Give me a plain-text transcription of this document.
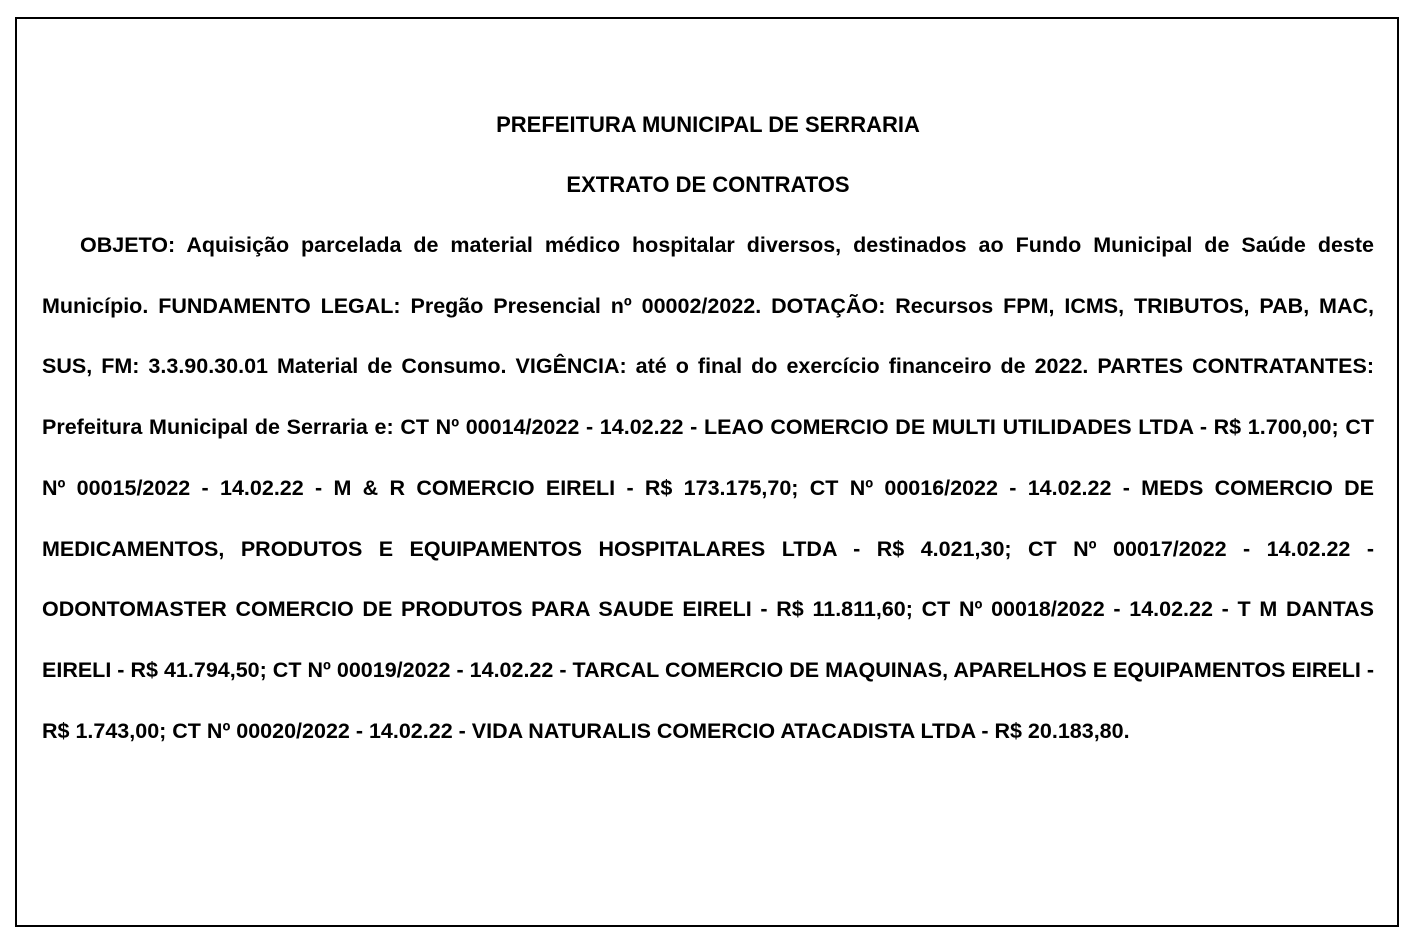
PREFEITURA MUNICIPAL DE SERRARIA

EXTRATO DE CONTRATOS

OBJETO: Aquisição parcelada de material médico hospitalar diversos, destinados ao Fundo Municipal de Saúde deste Município. FUNDAMENTO LEGAL: Pregão Presencial nº 00002/2022. DOTAÇÃO: Recursos FPM, ICMS, TRIBUTOS, PAB, MAC, SUS, FM: 3.3.90.30.01 Material de Consumo. VIGÊNCIA: até o final do exercício financeiro de 2022. PARTES CONTRATANTES: Prefeitura Municipal de Serraria e: CT Nº 00014/2022 - 14.02.22 - LEAO COMERCIO DE MULTI UTILIDADES LTDA - R$ 1.700,00; CT Nº 00015/2022 - 14.02.22 - M & R COMERCIO EIRELI - R$ 173.175,70; CT Nº 00016/2022 - 14.02.22 - MEDS COMERCIO DE MEDICAMENTOS, PRODUTOS E EQUIPAMENTOS HOSPITALARES LTDA - R$ 4.021,30; CT Nº 00017/2022 - 14.02.22 - ODONTOMASTER COMERCIO DE PRODUTOS PARA SAUDE EIRELI - R$ 11.811,60; CT Nº 00018/2022 - 14.02.22 - T M DANTAS EIRELI - R$ 41.794,50; CT Nº 00019/2022 - 14.02.22 - TARCAL COMERCIO DE MAQUINAS, APARELHOS E EQUIPAMENTOS EIRELI - R$ 1.743,00; CT Nº 00020/2022 - 14.02.22 - VIDA NATURALIS COMERCIO ATACADISTA LTDA - R$ 20.183,80.
